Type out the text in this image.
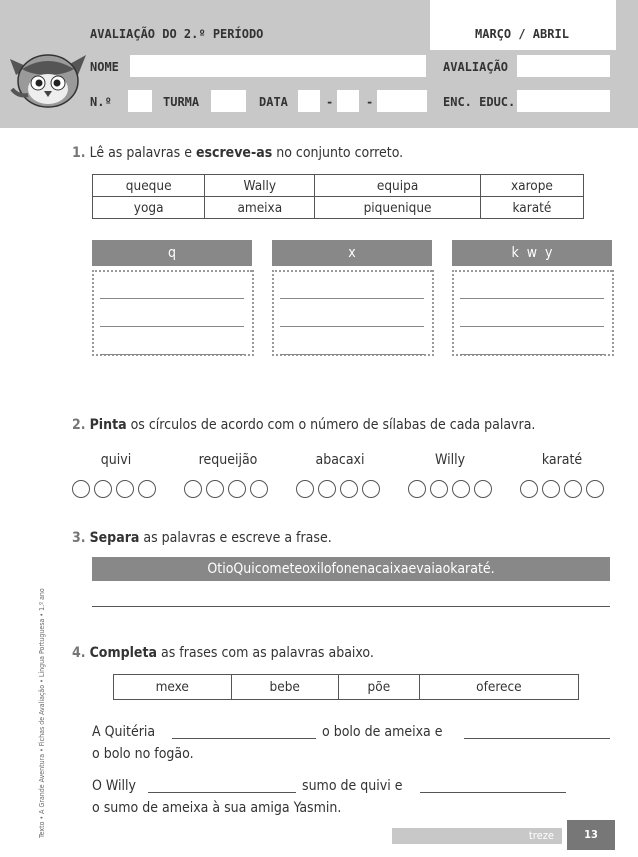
AVALIAÇÃO DO 2.º PERÍODO	MARÇO / ABRIL
NOME	AVALIAÇÃO
N.º	TURMA	DATA	-	-	ENC. EDUC.
1. Lê as palavras e escreve-as no conjunto correto.
queque	Wally	equipa	xarope
yoga	ameixa	piquenique	karaté
q	x	k  w  y
2. Pinta os círculos de acordo com o número de sílabas de cada palavra.
quivi	requeijão	abacaxi	Willy	karaté
3. Separa as palavras e escreve a frase.
OtioQuicometeoxilofonenacaixaevaiaokaraté.
4. Completa as frases com as palavras abaixo.
mexe	bebe	põe	oferece
A Quitéria	o bolo de ameixa e
o bolo no fogão.
O Willy	sumo de quivi e
o sumo de ameixa à sua amiga Yasmin.
treze	13
Texto • A Grande Aventura • Fichas de Avaliação • Língua Portuguesa • 1.º ano
